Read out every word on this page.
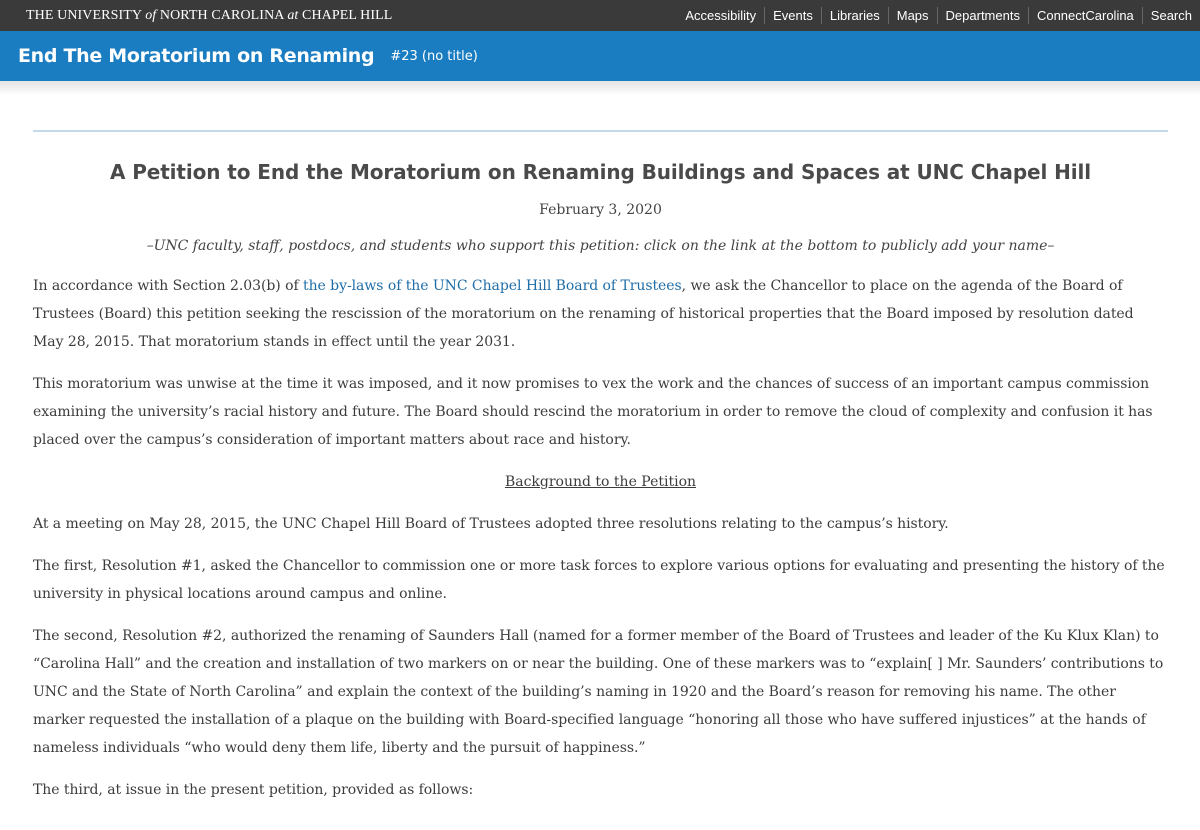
THE UNIVERSITY of NORTH CAROLINA at CHAPEL HILL	Accessibility	Events	Libraries	Maps	Departments	ConnectCarolina	Search
End The Moratorium on Renaming #23 (no title)
A Petition to End the Moratorium on Renaming Buildings and Spaces at UNC Chapel Hill
February 3, 2020
–UNC faculty, staff, postdocs, and students who support this petition: click on the link at the bottom to publicly add your name–

In accordance with Section 2.03(b) of the by-laws of the UNC Chapel Hill Board of Trustees, we ask the Chancellor to place on the agenda of the Board of Trustees (Board) this petition seeking the rescission of the moratorium on the renaming of historical properties that the Board imposed by resolution dated May 28, 2015. That moratorium stands in effect until the year 2031.

This moratorium was unwise at the time it was imposed, and it now promises to vex the work and the chances of success of an important campus commission examining the university’s racial history and future. The Board should rescind the moratorium in order to remove the cloud of complexity and confusion it has placed over the campus’s consideration of important matters about race and history.

Background to the Petition

At a meeting on May 28, 2015, the UNC Chapel Hill Board of Trustees adopted three resolutions relating to the campus’s history.

The first, Resolution #1, asked the Chancellor to commission one or more task forces to explore various options for evaluating and presenting the history of the university in physical locations around campus and online.

The second, Resolution #2, authorized the renaming of Saunders Hall (named for a former member of the Board of Trustees and leader of the Ku Klux Klan) to “Carolina Hall” and the creation and installation of two markers on or near the building. One of these markers was to “explain[ ] Mr. Saunders’ contributions to UNC and the State of North Carolina” and explain the context of the building’s naming in 1920 and the Board’s reason for removing his name. The other marker requested the installation of a plaque on the building with Board-specified language “honoring all those who have suffered injustices” at the hands of nameless individuals “who would deny them life, liberty and the pursuit of happiness.”

The third, at issue in the present petition, provided as follows:
